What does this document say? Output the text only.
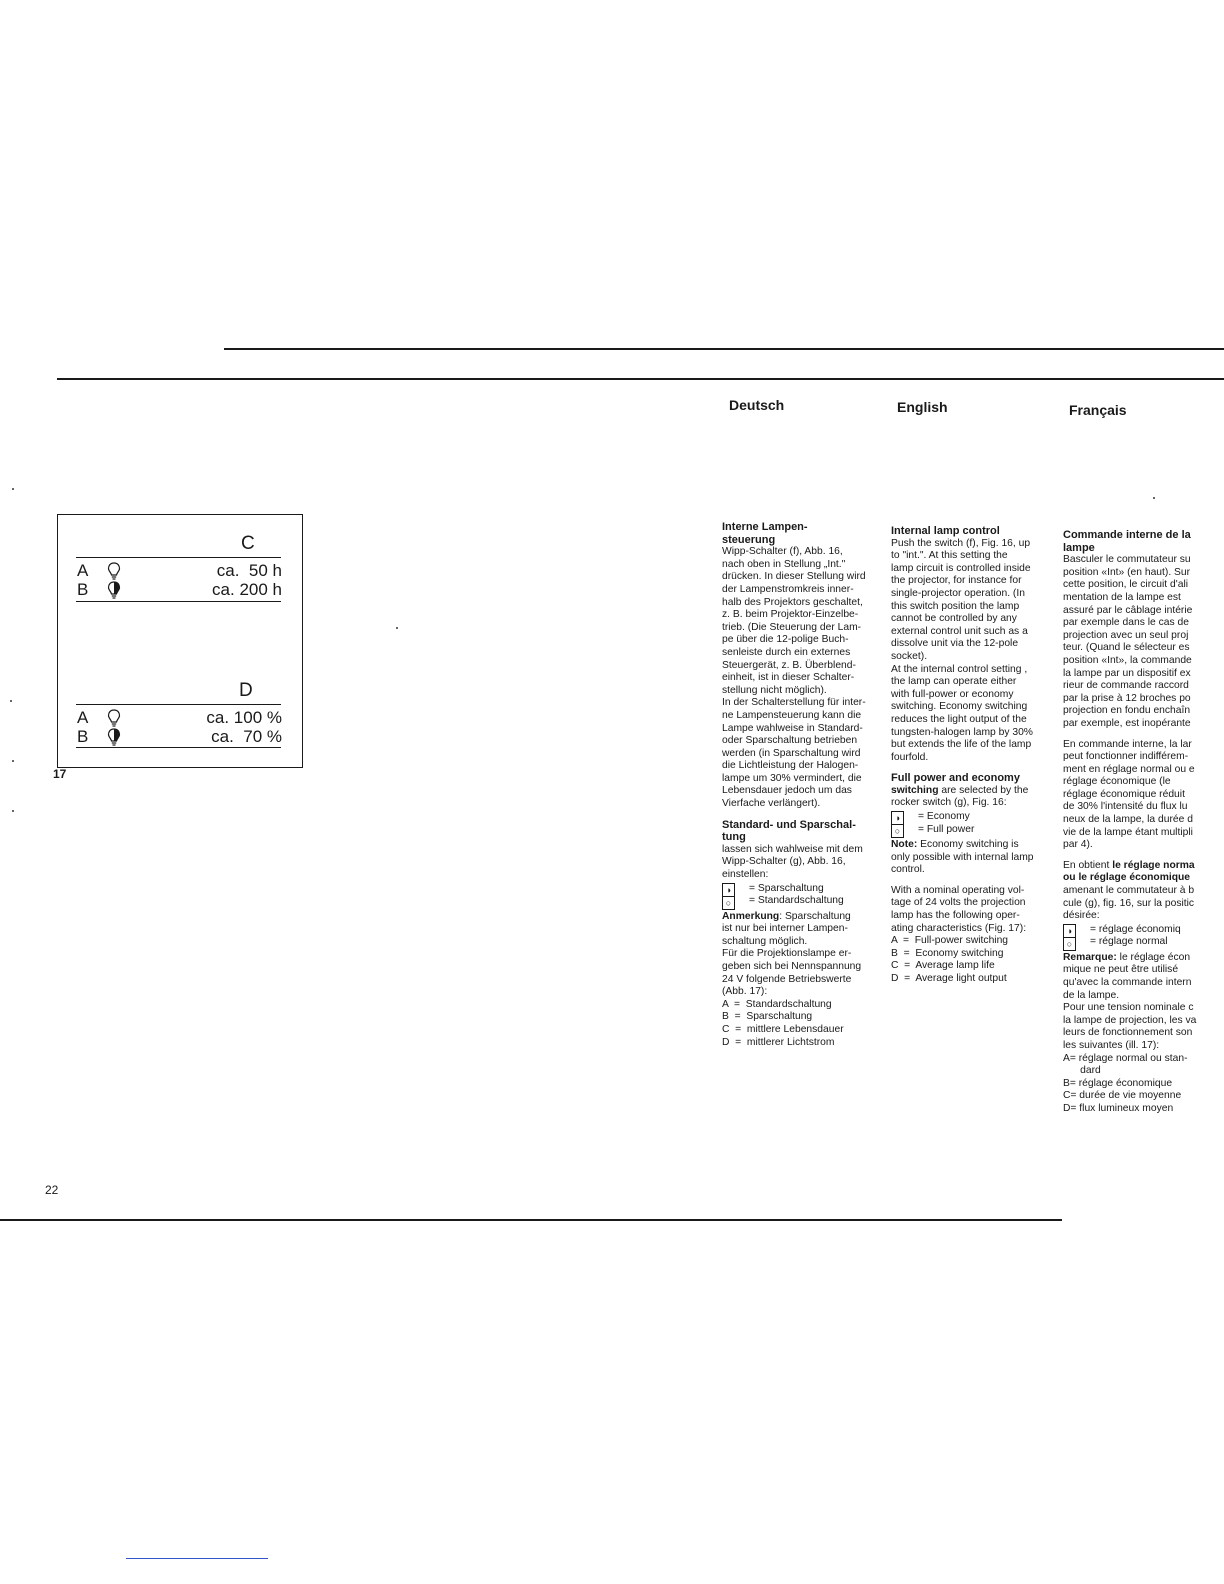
Deutsch	English	Français
C
A	ca.  50 h
B	ca. 200 h
D
A	ca. 100 %
B	ca.  70 %
17
22

Interne Lampen-

steuerung

Wipp-Schalter (f), Abb. 16,

nach oben in Stellung „Int."

drücken. In dieser Stellung wird

der Lampenstromkreis inner-

halb des Projektors geschaltet,

z. B. beim Projektor-Einzelbe-

trieb. (Die Steuerung der Lam-

pe über die 12-polige Buch-

senleiste durch ein externes

Steuergerät, z. B. Überblend-

einheit, ist in dieser Schalter-

stellung nicht möglich).

In der Schalterstellung für inter-

ne Lampensteuerung kann die

Lampe wahlweise in Standard-

oder Sparschaltung betrieben

werden (in Sparschaltung wird

die Lichtleistung der Halogen-

lampe um 30% vermindert, die

Lebensdauer jedoch um das

Vierfache verlängert).

Standard- und Sparschal-

tung

lassen sich wahlweise mit dem

Wipp-Schalter (g), Abb. 16,

einstellen:

◑
○
= Sparschaltung
= Standardschaltung

Anmerkung: Sparschaltung

ist nur bei interner Lampen-

schaltung möglich.

Für die Projektionslampe er-

geben sich bei Nennspannung

24 V folgende Betriebswerte

(Abb. 17):

A  =  Standardschaltung

B  =  Sparschaltung

C  =  mittlere Lebensdauer

D  =  mittlerer Lichtstrom

Internal lamp control

Push the switch (f), Fig. 16, up

to "int.". At this setting the

lamp circuit is controlled inside

the projector, for instance for

single-projector operation. (In

this switch position the lamp

cannot be controlled by any

external control unit such as a

dissolve unit via the 12-pole

socket).

At the internal control setting ,

the lamp can operate either

with full-power or economy

switching. Economy switching

reduces the light output of the

tungsten-halogen lamp by 30%

but extends the life of the lamp

fourfold.

Full power and economy

switching are selected by the

rocker switch (g), Fig. 16:

◑
○
= Economy
= Full power

Note: Economy switching is

only possible with internal lamp

control.

With a nominal operating vol-

tage of 24 volts the projection

lamp has the following oper-

ating characteristics (Fig. 17):

A  =  Full-power switching

B  =  Economy switching

C  =  Average lamp life

D  =  Average light output

Commande interne de la

lampe

Basculer le commutateur su

position «Int» (en haut). Sur

cette position, le circuit d'ali

mentation de la lampe est

assuré par le câblage intérie

par exemple dans le cas de

projection avec un seul proj

teur. (Quand le sélecteur es

position «Int», la commande

la lampe par un dispositif ex

rieur de commande raccord

par la prise à 12 broches po

projection en fondu enchaîn

par exemple, est inopérante

En commande interne, la lar

peut fonctionner indifférem-

ment en réglage normal ou e

réglage économique (le

réglage économique réduit

de 30% l'intensité du flux lu

neux de la lampe, la durée d

vie de la lampe étant multipli

par 4).

En obtient le réglage norma

ou le réglage économique

amenant le commutateur à b

cule (g), fig. 16, sur la positic

désirée:

◑
○
= réglage économiq
= réglage normal

Remarque: le réglage écon

mique ne peut être utilisé

qu'avec la commande intern

de la lampe.

Pour une tension nominale c

la lampe de projection, les va

leurs de fonctionnement son

les suivantes (ill. 17):

A= réglage normal ou stan-

dard

B= réglage économique

C= durée de vie moyenne

D= flux lumineux moyen
